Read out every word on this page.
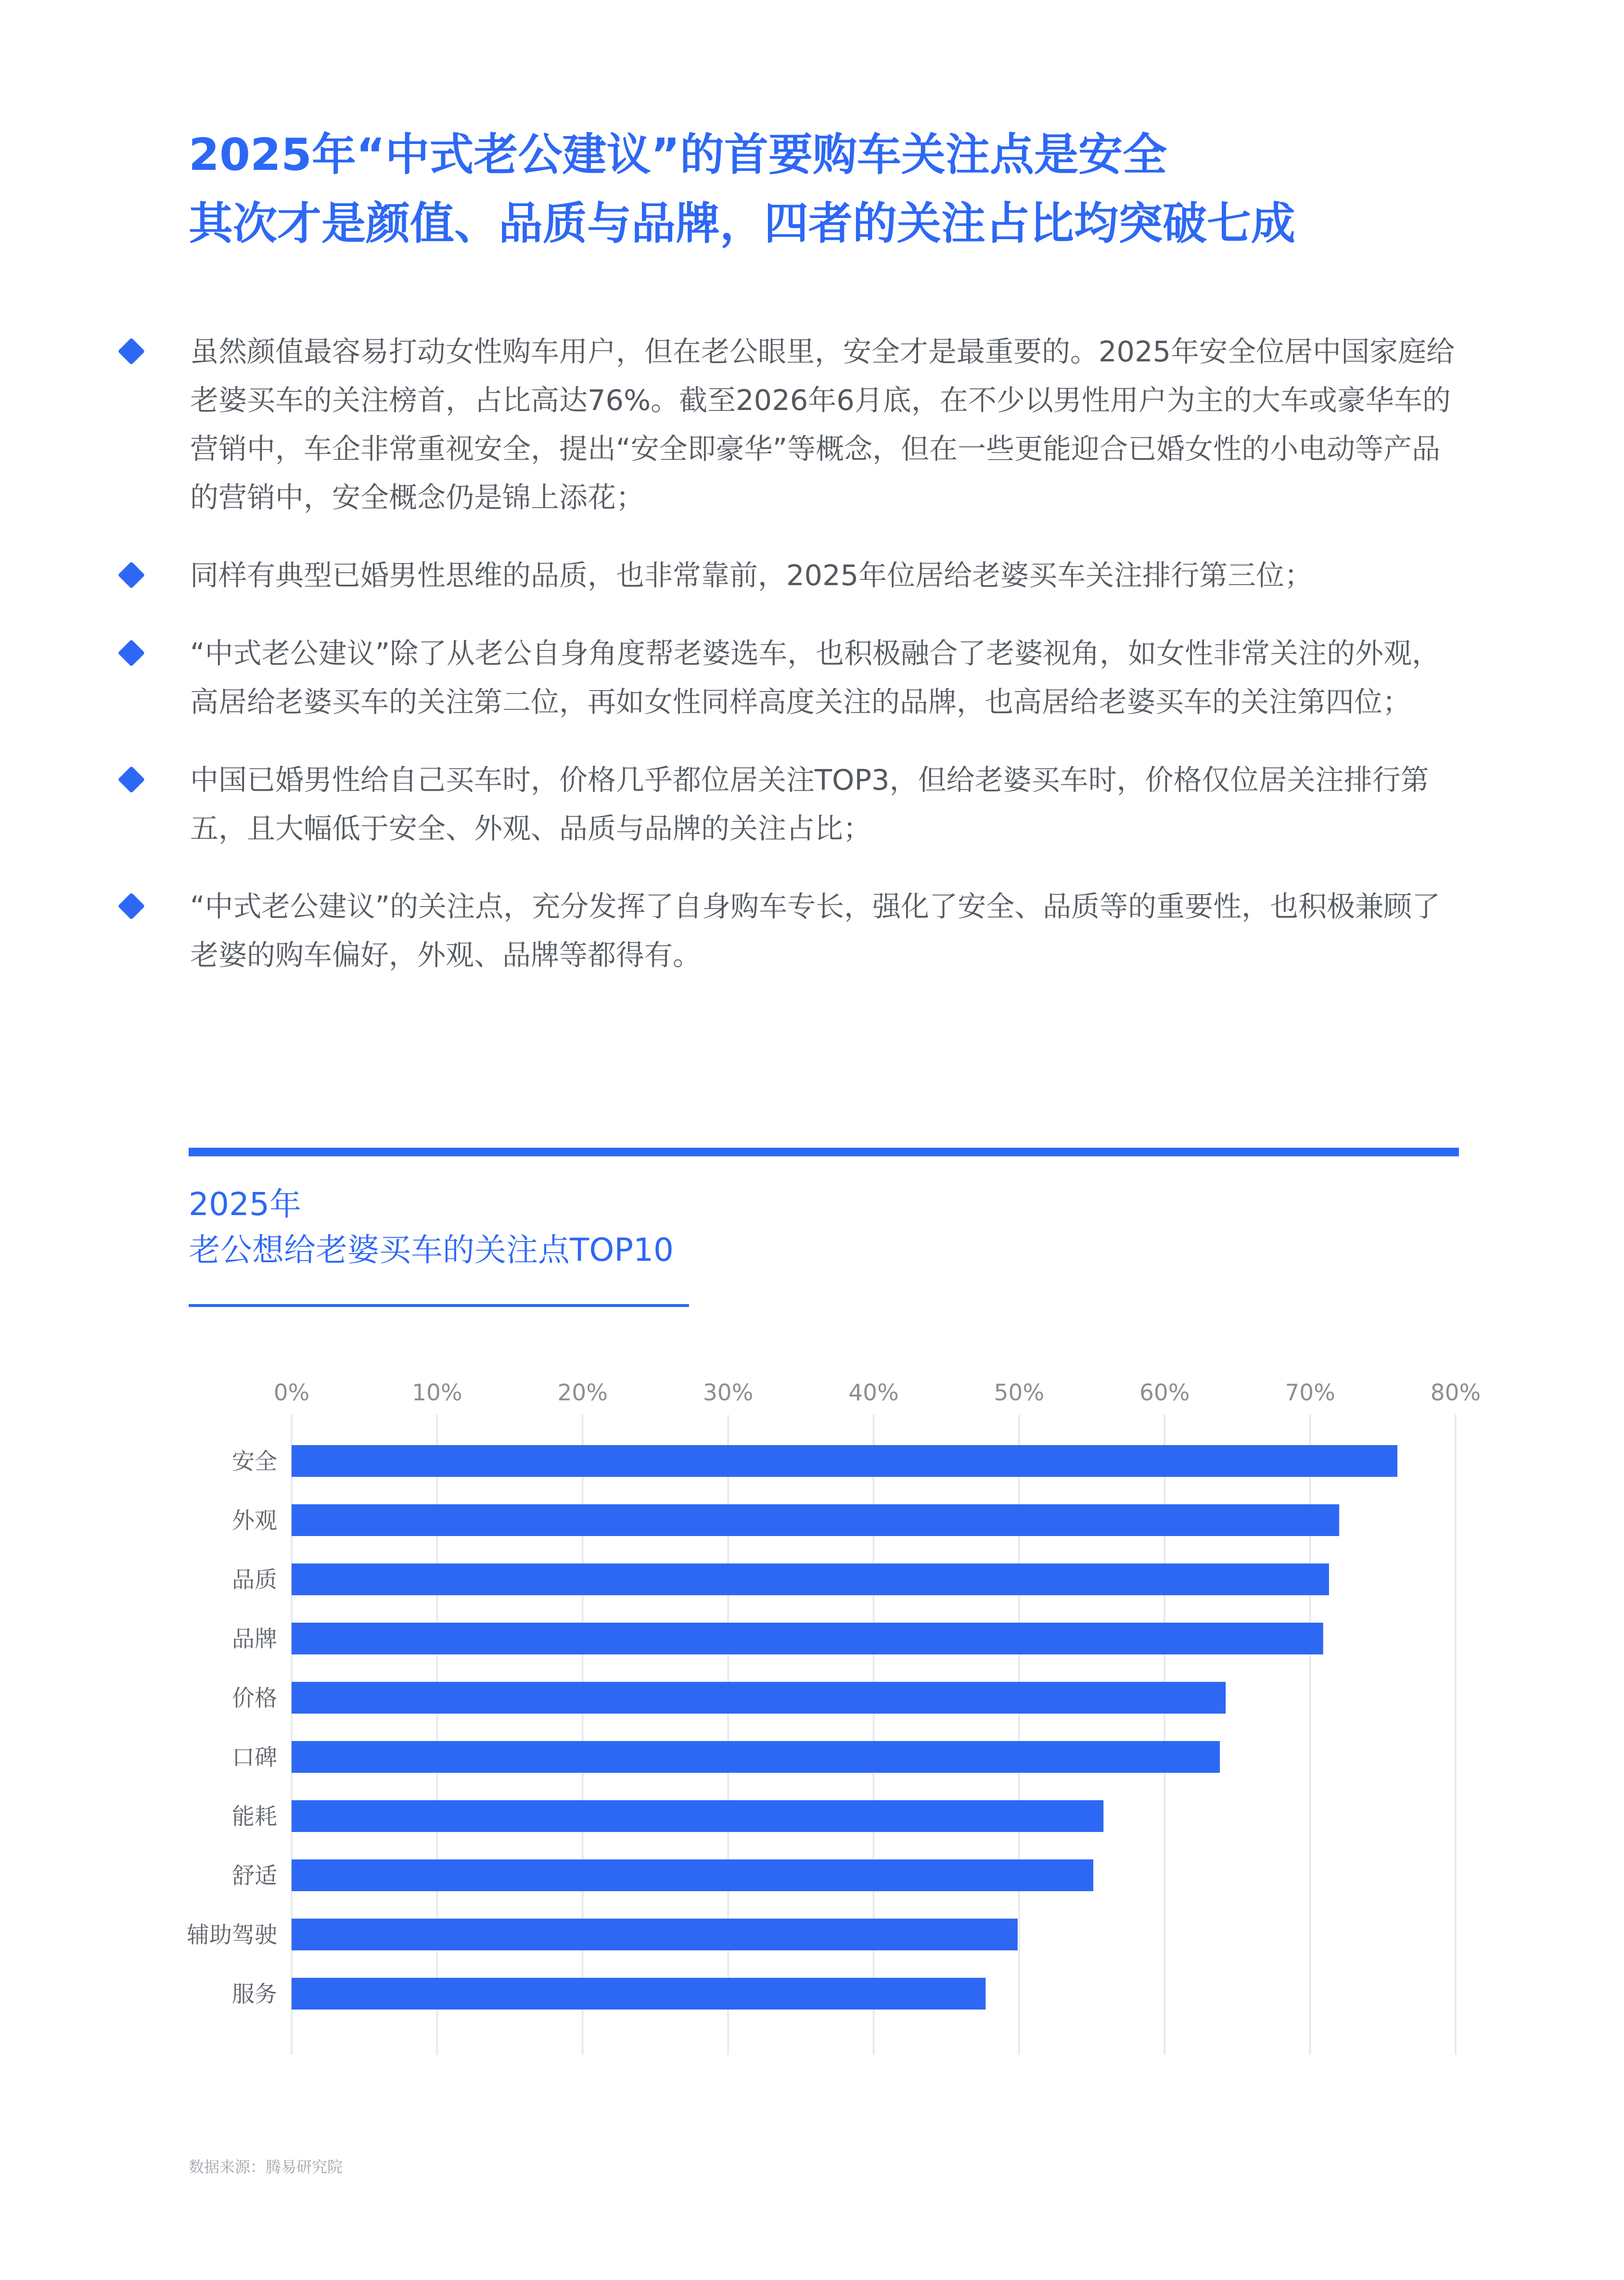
2025年“中式老公建议”的首要购车关注点是安全
其次才是颜值、品质与品牌，四者的关注占比均突破七成
虽然颜值最容易打动女性购车用户，但在老公眼里，安全才是最重要的。2025年安全位居中国家庭给老婆买车的关注榜首，占比高达76%。截至2026年6月底，在不少以男性用户为主的大车或豪华车的营销中，车企非常重视安全，提出“安全即豪华”等概念，但在一些更能迎合已婚女性的小电动等产品的营销中，安全概念仍是锦上添花；
同样有典型已婚男性思维的品质，也非常靠前，2025年位居给老婆买车关注排行第三位；
“中式老公建议”除了从老公自身角度帮老婆选车，也积极融合了老婆视角，如女性非常关注的外观，高居给老婆买车的关注第二位，再如女性同样高度关注的品牌，也高居给老婆买车的关注第四位；
中国已婚男性给自己买车时，价格几乎都位居关注TOP3，但给老婆买车时，价格仅位居关注排行第五，且大幅低于安全、外观、品质与品牌的关注占比；
“中式老公建议”的关注点，充分发挥了自身购车专长，强化了安全、品质等的重要性，也积极兼顾了老婆的购车偏好，外观、品牌等都得有。
2025年
老公想给老婆买车的关注点TOP10
0%	10%	20%	30%	40%	50%	60%	70%	80%
安全
外观
品质
品牌
价格
口碑
能耗
舒适
辅助驾驶
服务
数据来源：腾易研究院
